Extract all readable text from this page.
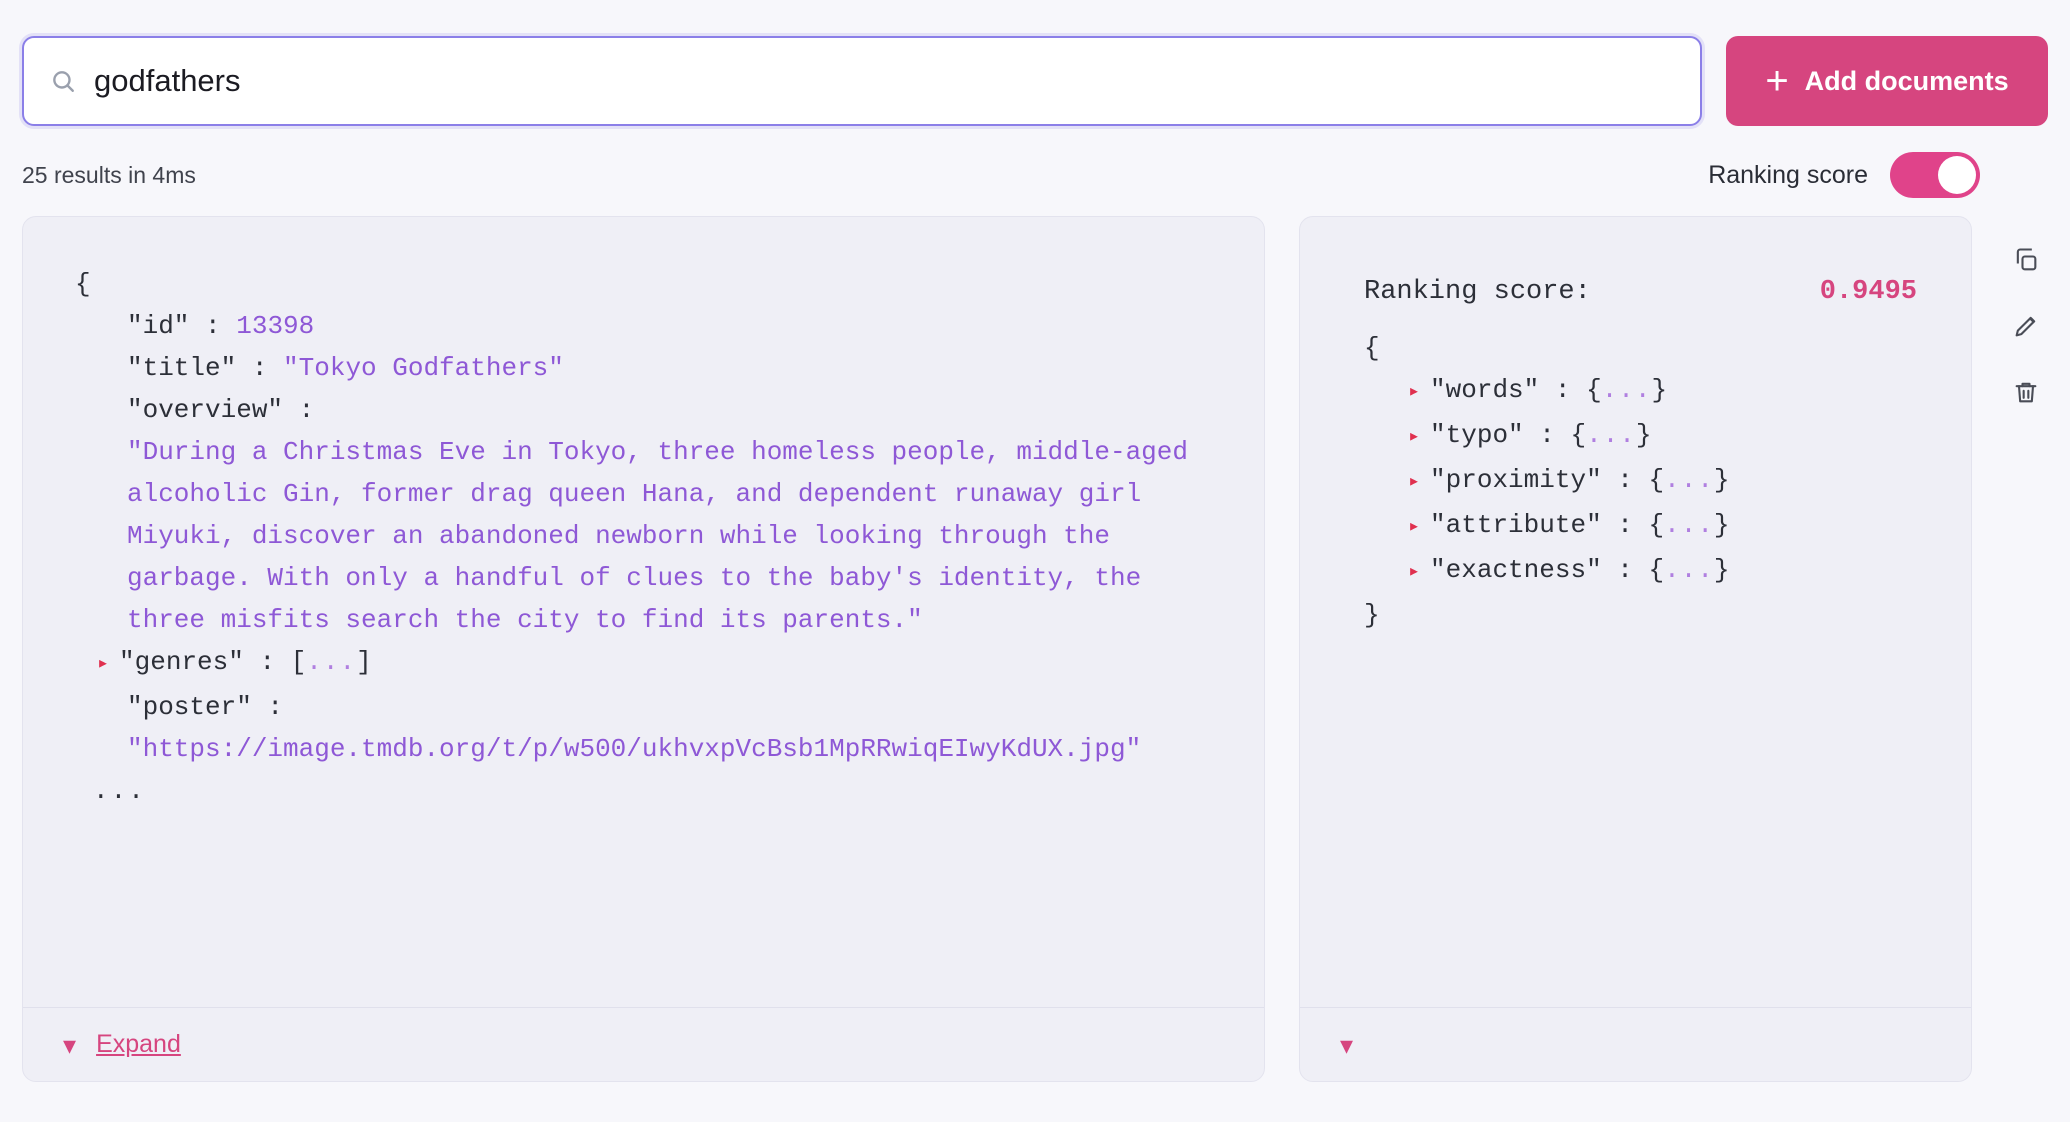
godfathers
+ Add documents
25 results in 4ms	Ranking score
{
"id" : 13398
"title" : "Tokyo Godfathers"
"overview" :
"During a Christmas Eve in Tokyo, three homeless people, middle-aged alcoholic Gin, former drag queen Hana, and dependent runaway girl Miyuki, discover an abandoned newborn while looking through the garbage. With only a handful of clues to the baby's identity, the three misfits search the city to find its parents."
▸ "genres" : [...]
"poster" :
"https://image.tmdb.org/t/p/w500/ukhvxpVcBsb1MpRRwiqEIwyKdUX.jpg"
...
▾ Expand
Ranking score:	0.9495
{
▸ "words" : {...}
▸ "typo" : {...}
▸ "proximity" : {...}
▸ "attribute" : {...}
▸ "exactness" : {...}
}
▾
